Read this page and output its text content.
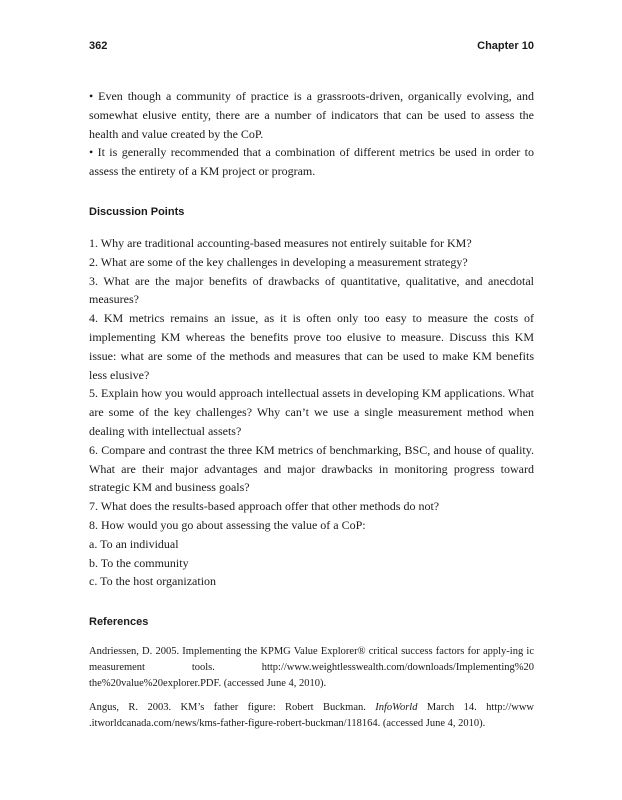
362	Chapter 10

• Even though a community of practice is a grassroots-driven, organically evolving, and somewhat elusive entity, there are a number of indicators that can be used to assess the health and value created by the CoP.

• It is generally recommended that a combination of different metrics be used in order to assess the entirety of a KM project or program.

Discussion Points

1. Why are traditional accounting-based measures not entirely suitable for KM?

2. What are some of the key challenges in developing a measurement strategy?

3. What are the major benefits of drawbacks of quantitative, qualitative, and anecdotal measures?

4. KM metrics remains an issue, as it is often only too easy to measure the costs of implementing KM whereas the benefits prove too elusive to measure. Discuss this KM issue: what are some of the methods and measures that can be used to make KM benefits less elusive?

5. Explain how you would approach intellectual assets in developing KM applications. What are some of the key challenges? Why can’t we use a single measurement method when dealing with intellectual assets?

6. Compare and contrast the three KM metrics of benchmarking, BSC, and house of quality. What are their major advantages and major drawbacks in monitoring progress toward strategic KM and business goals?

7. What does the results-based approach offer that other methods do not?

8. How would you go about assessing the value of a CoP:

a. To an individual

b. To the community

c. To the host organization

References

Andriessen, D. 2005. Implementing the KPMG Value Explorer® critical success factors for apply-ing ic measurement tools. http://www.weightlesswealth.com/downloads/Implementing%20 the%20value%20explorer.PDF. (accessed June 4, 2010).

Angus, R. 2003. KM’s father figure: Robert Buckman. InfoWorld March 14. http://www .itworldcanada.com/news/kms-father-figure-robert-buckman/118164. (accessed June 4, 2010).
